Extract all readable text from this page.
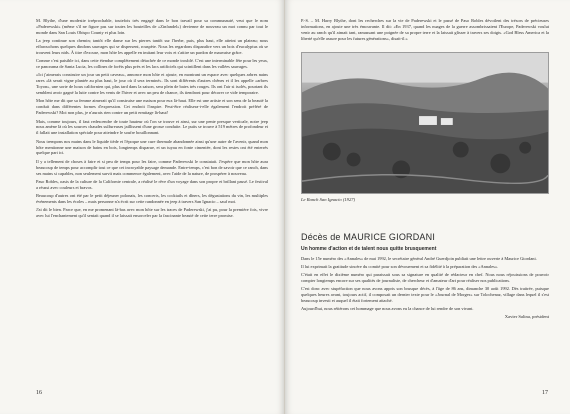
M. Blythe, d'une modestie irréprochable, toutefois très engagé dans le bon travail pour sa communauté, veut que le nom «Paderewski» (même s'il ne figure pas sur toutes les bouteilles de «Zinfandel») devienne de nouveau un mot connu par tout le monde dans San Louis Obispo County et plus loin.

La jeep continue son chemin; tantôt elle danse sur les pierres tantôt sur l'herbe, puis, plus haut, elle atteint un plateau; nous effarouchons quelques dindons sauvages qui se dispersent, rouspète. Nous les regardons disparaître vers un bois d'eucalyptus où se trouvent leurs nids. À titre d'excuse, mon hôte les appelle en imitant leur voix et s'attire un pardon de mauvaise grâce.

Comme c'est paisible ici, dans cette étendue complètement détachée de ce monde troublé. C'est une interminable fête pour les yeux, ce panorama de Santa Lucia, les collines de forêts plus près et les lacs artificiels qui scintillent dans les vallées sauvages.

«Ici j'aimerais construire un jour un petit caveau», annonce mon hôte et ajoute, en montrant un espace avec quelques arbres nains rares «là serait vigne plantée au plus haut, le jour où il sera terminé». Ils sont différents d'autres chênes et il les appelle «arbres Toyon», une sorte de houx californien qui, plus tard dans la saison, sera plein de baies très rouges. Ils ont l'air si isolés, pourtant ils semblent avoir gagné la lutte contre les vents de l'hiver et avec un peu de chance, ils tiendront pour décorer ce vide temporaire.

Mon hôte me dit que sa femme aimerait qu'il construise une maison pour eux là-haut. Elle est une artiste et son sens de la beauté la conduit dans différentes formes d'expression. Cet endroit l'inspire. Peut-être réalisera-t-elle également l'endroit préféré de Paderewski? Moi non plus, je n'aurais rien contre un petit ermitage là-haut!

Mais, comme toujours, il faut redescendre de toute hauteur où l'on se trouve et ainsi, sur une pente presque verticale, notre jeep nous amène là où les sources chaudes sulfureuses jaillissent d'une grosse conduite. Le puits se trouve à 519 mètres de profondeur et il fallait une installation spéciale pour atteindre le soufre bouillonnant.

Nous trempons nos mains dans le liquide tiède et l'époque une cure thermale abandonnée ainsi qu'une autre de l'avenir, quand mon hôte mentionne une maison de bains en bois, longtemps disparue, et un tuyau en fonte cimentée, dont les restes ont été enterrés quelque part ici.

Il y a tellement de choses à faire et si peu de temps pour les faire, comme Paderewski le constatait. J'espère que mon hôte aura beaucoup de temps pour accomplir tout ce que cet incroyable paysage demande. Entre-temps, c'est bon de savoir que ce ranch, dans ses mains si capables, non seulement survit mais commence également, avec l'aide de la nature, de prospérer à nouveau.

Paso Robles, oasis de la culture de la Californie centrale, a réalisé le rêve d'un voyage dans son propre et brillant passé. Le festival a réussi avec couleurs et bravos.

Beaucoup d'autres ont été par le petit déjeuner polonais, les concerts, les cocktails et dîners, les dégustations du vin, les multiples événements dans les écoles – mais personne n'a écrit sur cette randonnée en jeep à travers San Ignacio – sauf moi.

J'ai dit le bien. Parce que, en me promenant là-bas avec mon hôte sur les traces de Paderewski, j'ai pu, pour la première fois, vivre avec lui l'enchantement qu'il sentait quand il se laissait ensorceler par la fascinante beauté de cette terre promise.

16
P.-S. – M. Harry Blythe, dont les recherches sur la vie de Paderewski et le passé de Paso Robles dévoilent des trésors de précieuses informations, en ajoute une très émouvante. Il dit: «En 1937, quand les nuages de la guerre assombrissaient l'Europe, Paderewski voulut venir au ranch qu'il aimait tant, ramassant une poignée de sa propre terre et la laissait glisser à travers ses doigts. «God Bless America et la liberté qu'elle assure pour les futures générations», disait-il.»
Le Ranch San Ignacio (1927)
Décès de MAURICE GIORDANI
Un homme d'action et de talent nous quitte brusquement

Dans le 15e numéro des «Annales» de mai 1992, le secrétaire général André Guerdjoin publiait une lettre ouverte à Maurice Giordani.

Il lui exprimait la gratitude sincère du comité pour son dévouement et sa fidélité à la préparation des «Annales».

C'était en effet le dixième numéro qui paraissait sous sa signature en qualité de rédacteur en chef. Nous nous réjouissions de pouvoir compter longtemps encore sur ses qualités de journaliste, de chercheur et d'amateur d'art pour réaliser nos publications.

C'est donc avec stupéfaction que nous avons appris son brusque décès, à l'âge de 86 ans, dimanche 30 août 1992. Dès traitrée, puisque quelques heures avant, toujours actif, il composait un dernier texte pour le «Journal de Morges» sur Tolochenaz, village dans lequel il s'est beaucoup investi et auquel il était fortement attaché.

Aujourd'hui, nous réitérons cet hommage que nous avons eu la chance de lui rendre de son vivant.

Xavier Salina, président
17
